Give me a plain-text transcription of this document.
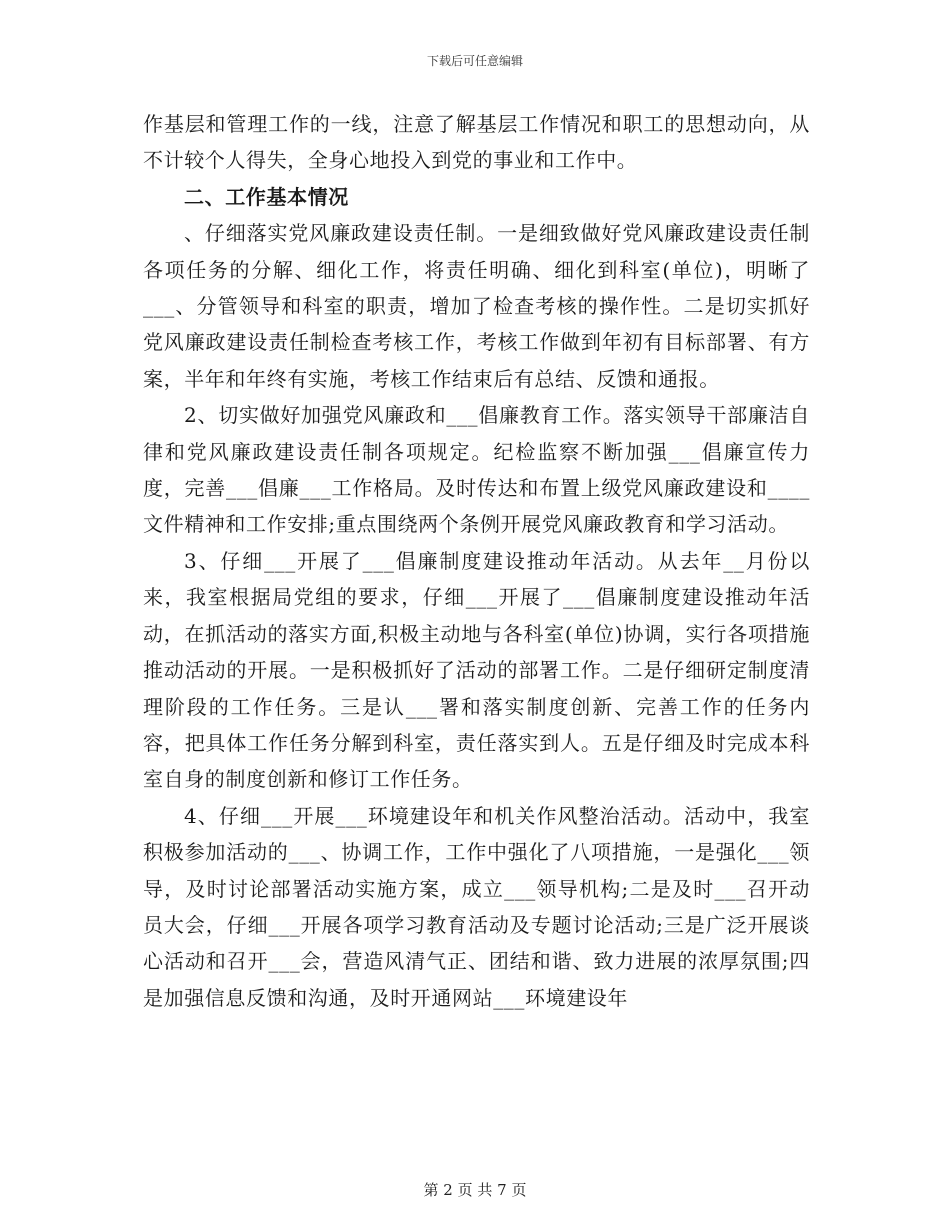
下载后可任意编辑

作基层和管理工作的一线，注意了解基层工作情况和职工的思想动向，从不计较个人得失，全身心地投入到党的事业和工作中。

二、工作基本情况

、仔细落实党风廉政建设责任制。一是细致做好党风廉政建设责任制各项任务的分解、细化工作，将责任明确、细化到科室(单位)，明晰了___、分管领导和科室的职责，增加了检查考核的操作性。二是切实抓好党风廉政建设责任制检查考核工作，考核工作做到年初有目标部署、有方案，半年和年终有实施，考核工作结束后有总结、反馈和通报。

2、切实做好加强党风廉政和___倡廉教育工作。落实领导干部廉洁自律和党风廉政建设责任制各项规定。纪检监察不断加强___倡廉宣传力度，完善___倡廉___工作格局。及时传达和布置上级党风廉政建设和____文件精神和工作安排;重点围绕两个条例开展党风廉政教育和学习活动。

3、仔细___开展了___倡廉制度建设推动年活动。从去年__月份以来，我室根据局党组的要求，仔细___开展了___倡廉制度建设推动年活动，在抓活动的落实方面,积极主动地与各科室(单位)协调，实行各项措施推动活动的开展。一是积极抓好了活动的部署工作。二是仔细研定制度清理阶段的工作任务。三是认___署和落实制度创新、完善工作的任务内容，把具体工作任务分解到科室，责任落实到人。五是仔细及时完成本科室自身的制度创新和修订工作任务。

4、仔细___开展___环境建设年和机关作风整治活动。活动中，我室积极参加活动的___、协调工作，工作中强化了八项措施，一是强化___领导，及时讨论部署活动实施方案，成立___领导机构;二是及时___召开动员大会，仔细___开展各项学习教育活动及专题讨论活动;三是广泛开展谈心活动和召开___会，营造风清气正、团结和谐、致力进展的浓厚氛围;四是加强信息反馈和沟通，及时开通网站___环境建设年

第 2 页 共 7 页
